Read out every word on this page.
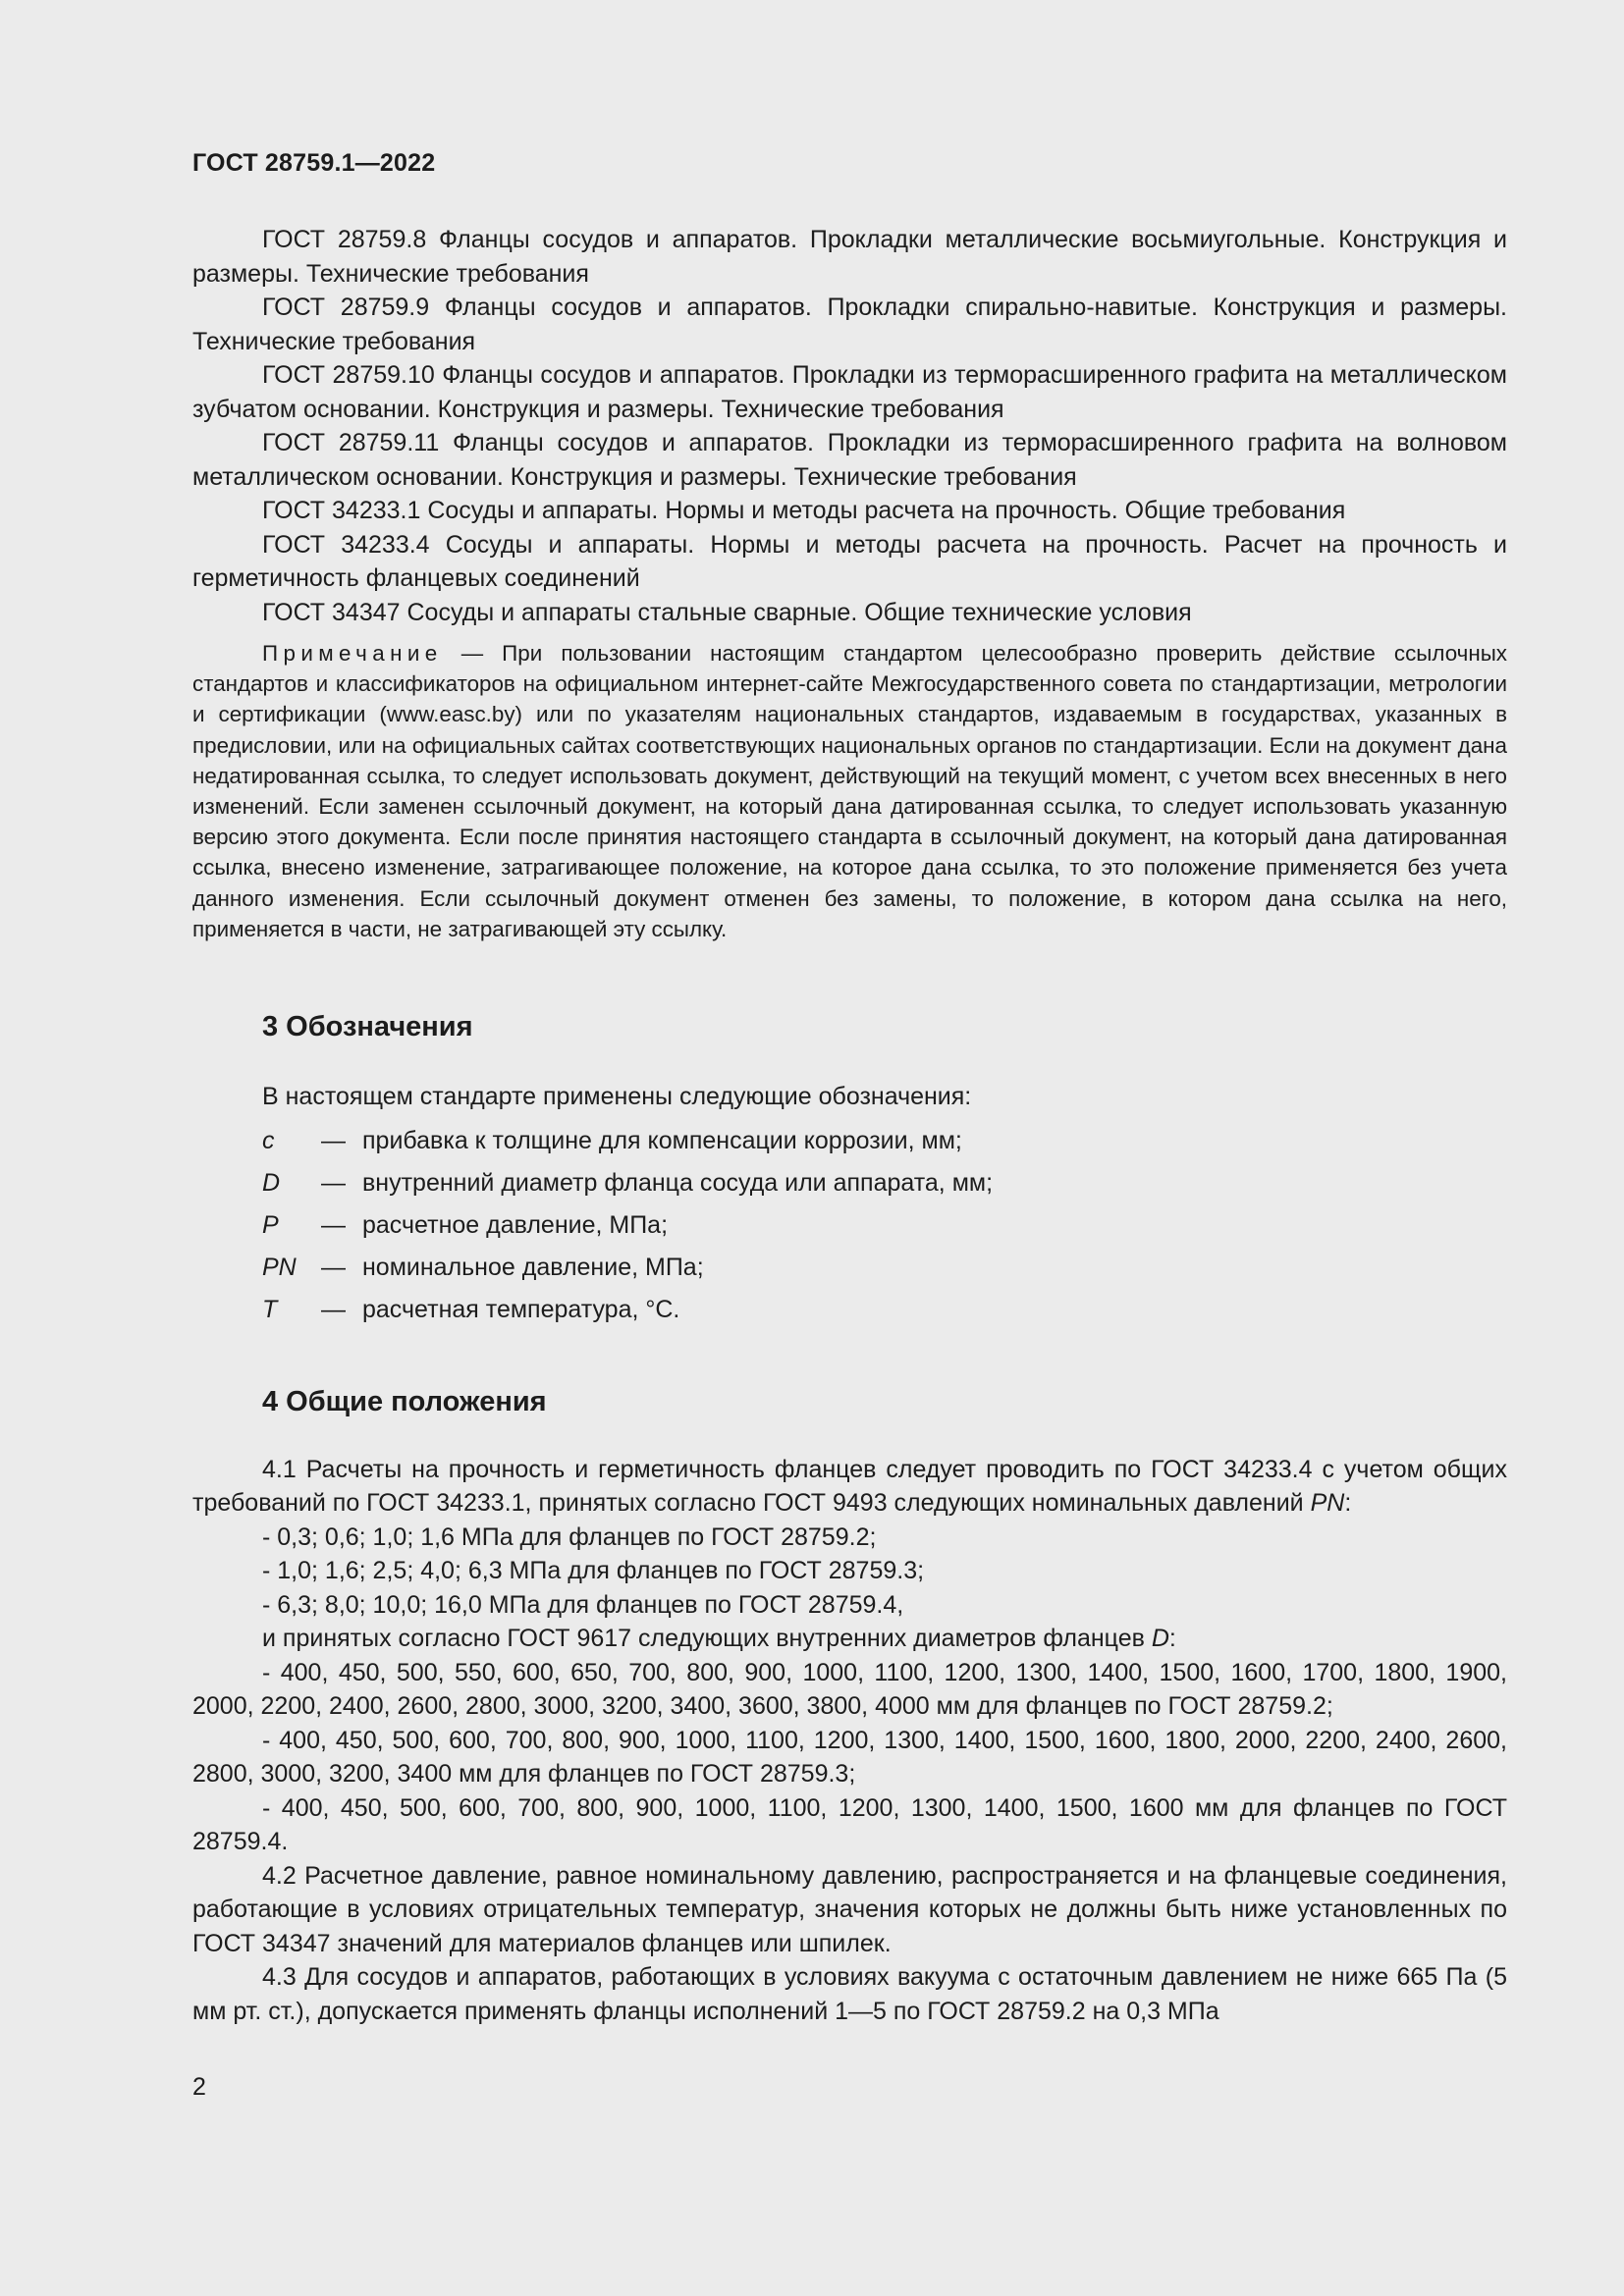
ГОСТ 28759.1—2022

ГОСТ 28759.8 Фланцы сосудов и аппаратов. Прокладки металлические восьмиугольные. Конструкция и размеры. Технические требования

ГОСТ 28759.9 Фланцы сосудов и аппаратов. Прокладки спирально-навитые. Конструкция и размеры. Технические требования

ГОСТ 28759.10 Фланцы сосудов и аппаратов. Прокладки из терморасширенного графита на металлическом зубчатом основании. Конструкция и размеры. Технические требования

ГОСТ 28759.11 Фланцы сосудов и аппаратов. Прокладки из терморасширенного графита на волновом металлическом основании. Конструкция и размеры. Технические требования

ГОСТ 34233.1 Сосуды и аппараты. Нормы и методы расчета на прочность. Общие требования

ГОСТ 34233.4 Сосуды и аппараты. Нормы и методы расчета на прочность. Расчет на прочность и герметичность фланцевых соединений

ГОСТ 34347 Сосуды и аппараты стальные сварные. Общие технические условия

Примечание — При пользовании настоящим стандартом целесообразно проверить действие ссылочных стандартов и классификаторов на официальном интернет-сайте Межгосударственного совета по стандартизации, метрологии и сертификации (www.easc.by) или по указателям национальных стандартов, издаваемым в государствах, указанных в предисловии, или на официальных сайтах соответствующих национальных органов по стандартизации. Если на документ дана недатированная ссылка, то следует использовать документ, действующий на текущий момент, с учетом всех внесенных в него изменений. Если заменен ссылочный документ, на который дана датированная ссылка, то следует использовать указанную версию этого документа. Если после принятия настоящего стандарта в ссылочный документ, на который дана датированная ссылка, внесено изменение, затрагивающее положение, на которое дана ссылка, то это положение применяется без учета данного изменения. Если ссылочный документ отменен без замены, то положение, в котором дана ссылка на него, применяется в части, не затрагивающей эту ссылку.

3 Обозначения
В настоящем стандарте применены следующие обозначения:
c	— прибавка к толщине для компенсации коррозии, мм;
D	— внутренний диаметр фланца сосуда или аппарата, мм;
P	— расчетное давление, МПа;
PN	— номинальное давление, МПа;
T	— расчетная температура, °С.
4 Общие положения

4.1 Расчеты на прочность и герметичность фланцев следует проводить по ГОСТ 34233.4 с учетом общих требований по ГОСТ 34233.1, принятых согласно ГОСТ 9493 следующих номинальных давлений PN:

- 0,3; 0,6; 1,0; 1,6 МПа для фланцев по ГОСТ 28759.2;

- 1,0; 1,6; 2,5; 4,0; 6,3 МПа для фланцев по ГОСТ 28759.3;

- 6,3; 8,0; 10,0; 16,0 МПа для фланцев по ГОСТ 28759.4,

и принятых согласно ГОСТ 9617 следующих внутренних диаметров фланцев D:

- 400, 450, 500, 550, 600, 650, 700, 800, 900, 1000, 1100, 1200, 1300, 1400, 1500, 1600, 1700, 1800, 1900, 2000, 2200, 2400, 2600, 2800, 3000, 3200, 3400, 3600, 3800, 4000 мм для фланцев по ГОСТ 28759.2;

- 400, 450, 500, 600, 700, 800, 900, 1000, 1100, 1200, 1300, 1400, 1500, 1600, 1800, 2000, 2200, 2400, 2600, 2800, 3000, 3200, 3400 мм для фланцев по ГОСТ 28759.3;

- 400, 450, 500, 600, 700, 800, 900, 1000, 1100, 1200, 1300, 1400, 1500, 1600 мм для фланцев по ГОСТ 28759.4.

4.2 Расчетное давление, равное номинальному давлению, распространяется и на фланцевые соединения, работающие в условиях отрицательных температур, значения которых не должны быть ниже установленных по ГОСТ 34347 значений для материалов фланцев или шпилек.

4.3 Для сосудов и аппаратов, работающих в условиях вакуума с остаточным давлением не ниже 665 Па (5 мм рт. ст.), допускается применять фланцы исполнений 1—5 по ГОСТ 28759.2 на 0,3 МПа

2
